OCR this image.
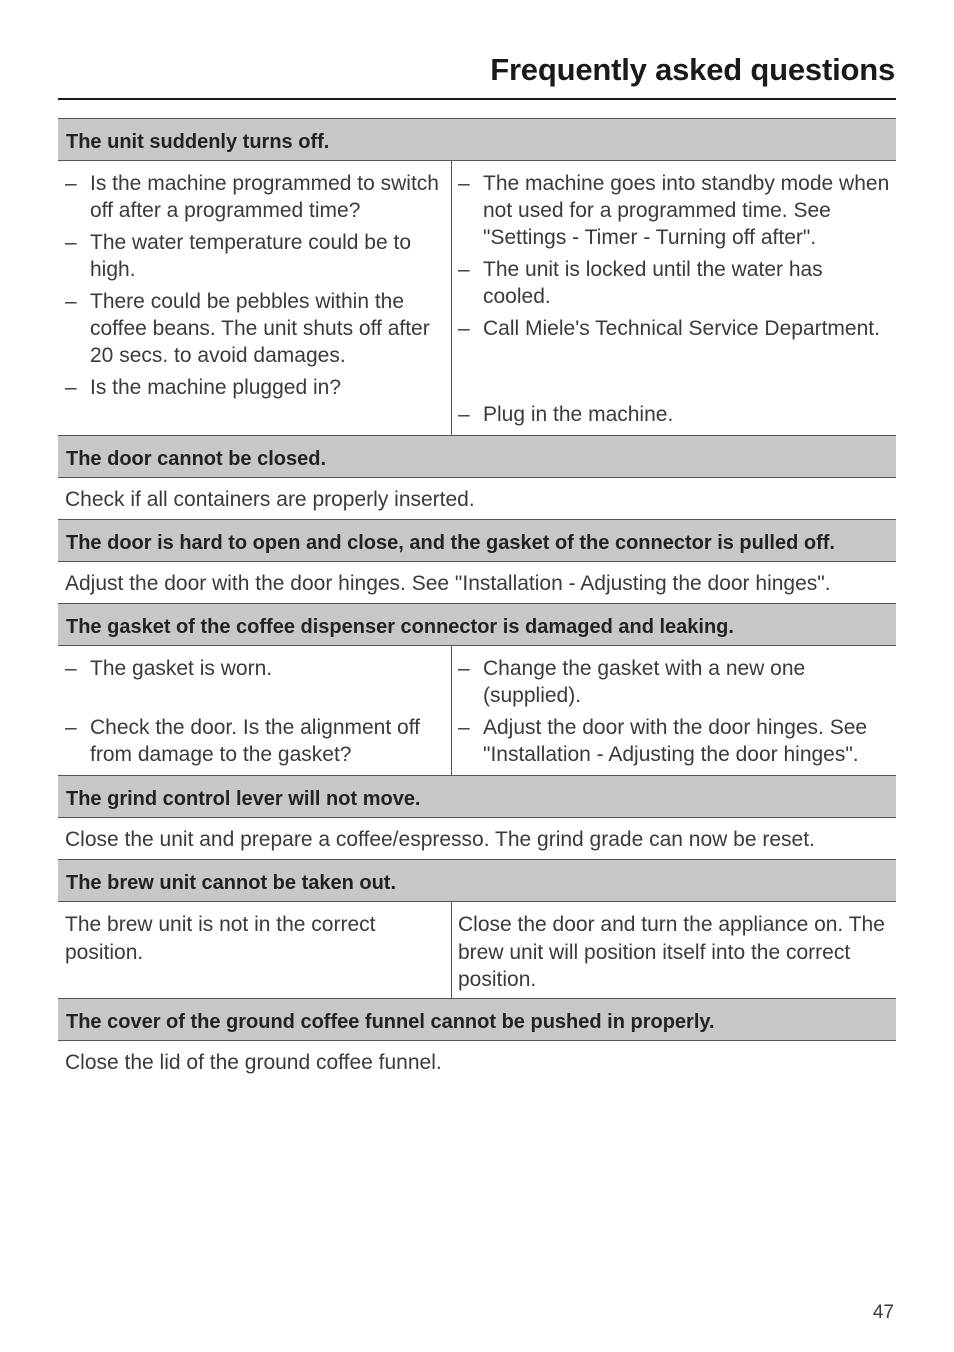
Frequently asked questions
The unit suddenly turns off.
– Is the machine programmed to switch off after a programmed time?
– The water temperature could be to high.
– There could be pebbles within the coffee beans. The unit shuts off after 20 secs. to avoid damages.
– Is the machine plugged in?
– The machine goes into standby mode when not used for a programmed time. See "Settings - Timer - Turning off after".
– The unit is locked until the water has cooled.
– Call Miele's Technical Service Department.
– Plug in the machine.
The door cannot be closed.
Check if all containers are properly inserted.
The door is hard to open and close, and the gasket of the connector is pulled off.
Adjust the door with the door hinges. See "Installation - Adjusting the door hinges".
The gasket of the coffee dispenser connector is damaged and leaking.
– The gasket is worn.
– Check the door. Is the alignment off from damage to the gasket?
– Change the gasket with a new one (supplied).
– Adjust the door with the door hinges. See "Installation - Adjusting the door hinges".
The grind control lever will not move.
Close the unit and prepare a coffee/espresso. The grind grade can now be reset.
The brew unit cannot be taken out.
The brew unit is not in the correct position.
Close the door and turn the appliance on. The brew unit will position itself into the correct position.
The cover of the ground coffee funnel cannot be pushed in properly.
Close the lid of the ground coffee funnel.
47
